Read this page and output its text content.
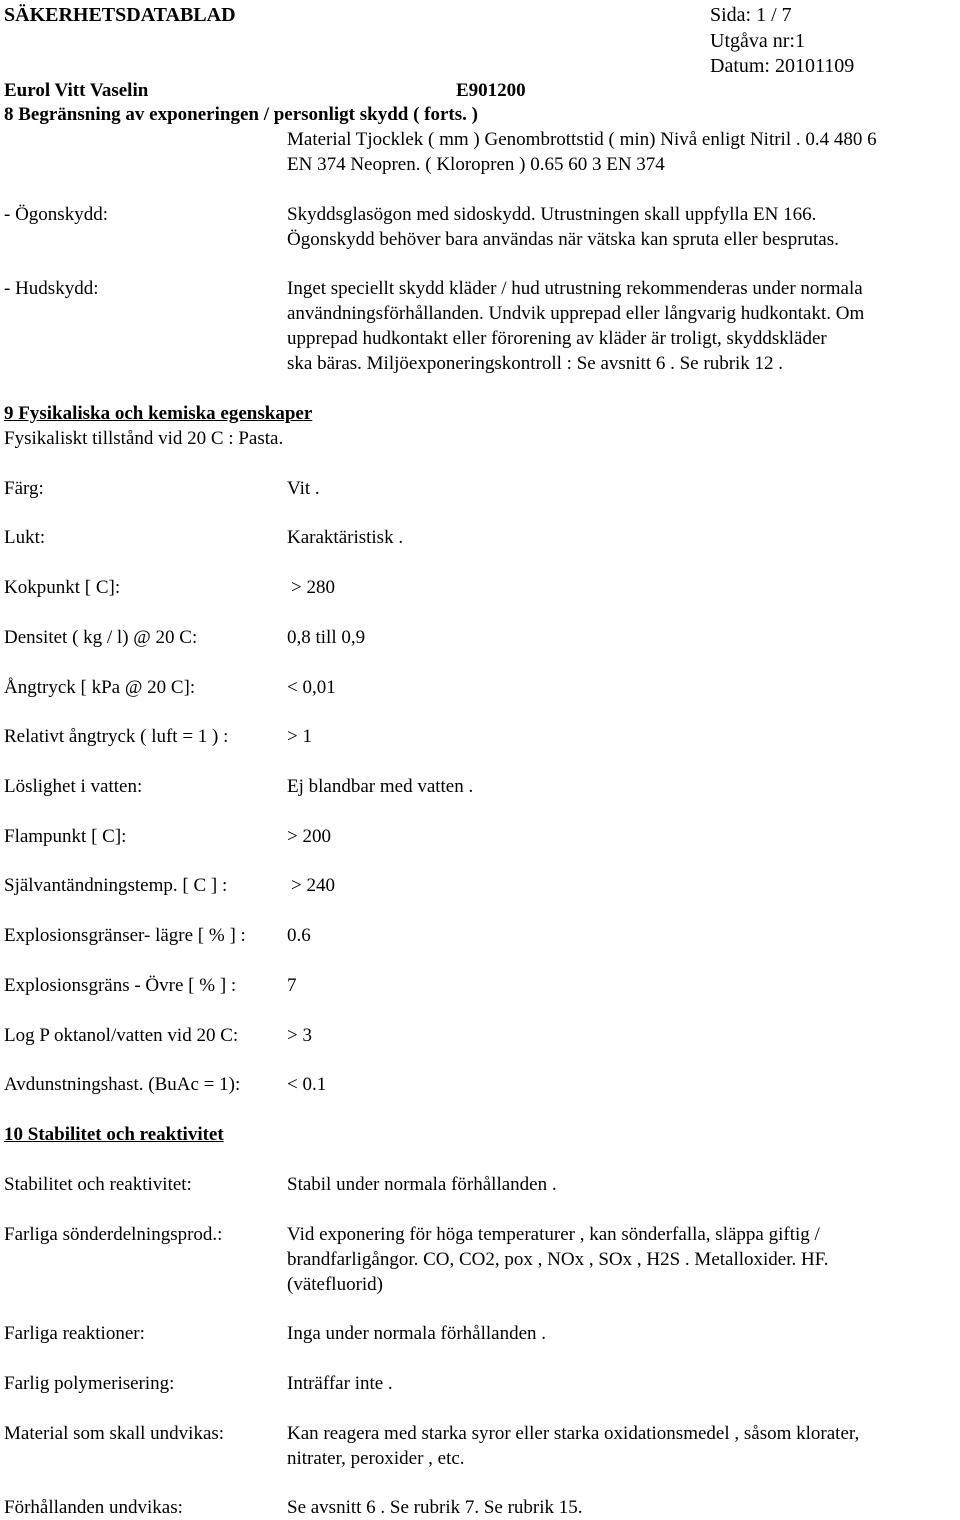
SÄKERHETSDATABLAD	Sida: 1 / 7
Utgåva nr:1
Datum: 20101109
Eurol Vitt Vaselin	E901200
8 Begränsning av exponeringen / personligt skydd ( forts. )
Material Tjocklek ( mm ) Genombrottstid ( min) Nivå enligt Nitril . 0.4 480 6
EN 374 Neopren. ( Kloropren ) 0.65 60 3 EN 374
- Ögonskydd:	Skyddsglasögon med sidoskydd. Utrustningen skall uppfylla EN 166.
Ögonskydd behöver bara användas när vätska kan spruta eller besprutas.
- Hudskydd:	Inget speciellt skydd kläder / hud utrustning rekommenderas under normala
användningsförhållanden. Undvik upprepad eller långvarig hudkontakt. Om
upprepad hudkontakt eller förorening av kläder är troligt, skyddskläder
ska bäras. Miljöexponeringskontroll : Se avsnitt 6 . Se rubrik 12 .
9 Fysikaliska och kemiska egenskaper
Fysikaliskt tillstånd vid 20 C : Pasta.
Färg:	Vit .
Lukt:	Karaktäristisk .
Kokpunkt [ C]:	> 280
Densitet ( kg / l) @ 20 C:	0,8 till 0,9
Ångtryck [ kPa @ 20 C]:	< 0,01
Relativt ångtryck ( luft = 1 ) :	> 1
Löslighet i vatten:	Ej blandbar med vatten .
Flampunkt [ C]:	> 200
Självantändningstemp. [ C ] :	> 240
Explosionsgränser- lägre [ % ] : 0.6
Explosionsgräns - Övre [ % ] :	7
Log P oktanol/vatten vid 20 C:	> 3
Avdunstningshast. (BuAc = 1): < 0.1
10 Stabilitet och reaktivitet
Stabilitet och reaktivitet:	Stabil under normala förhållanden .
Farliga sönderdelningsprod.:	Vid exponering för höga temperaturer , kan sönderfalla, släppa giftig /
brandfarligångor. CO, CO2, pox , NOx , SOx , H2S . Metalloxider. HF.
(vätefluorid)
Farliga reaktioner:	Inga under normala förhållanden .
Farlig polymerisering:	Inträffar inte .
Material som skall undvikas:	Kan reagera med starka syror eller starka oxidationsmedel , såsom klorater,
nitrater, peroxider , etc.
Förhållanden undvikas:	Se avsnitt 6 . Se rubrik 7. Se rubrik 15.
